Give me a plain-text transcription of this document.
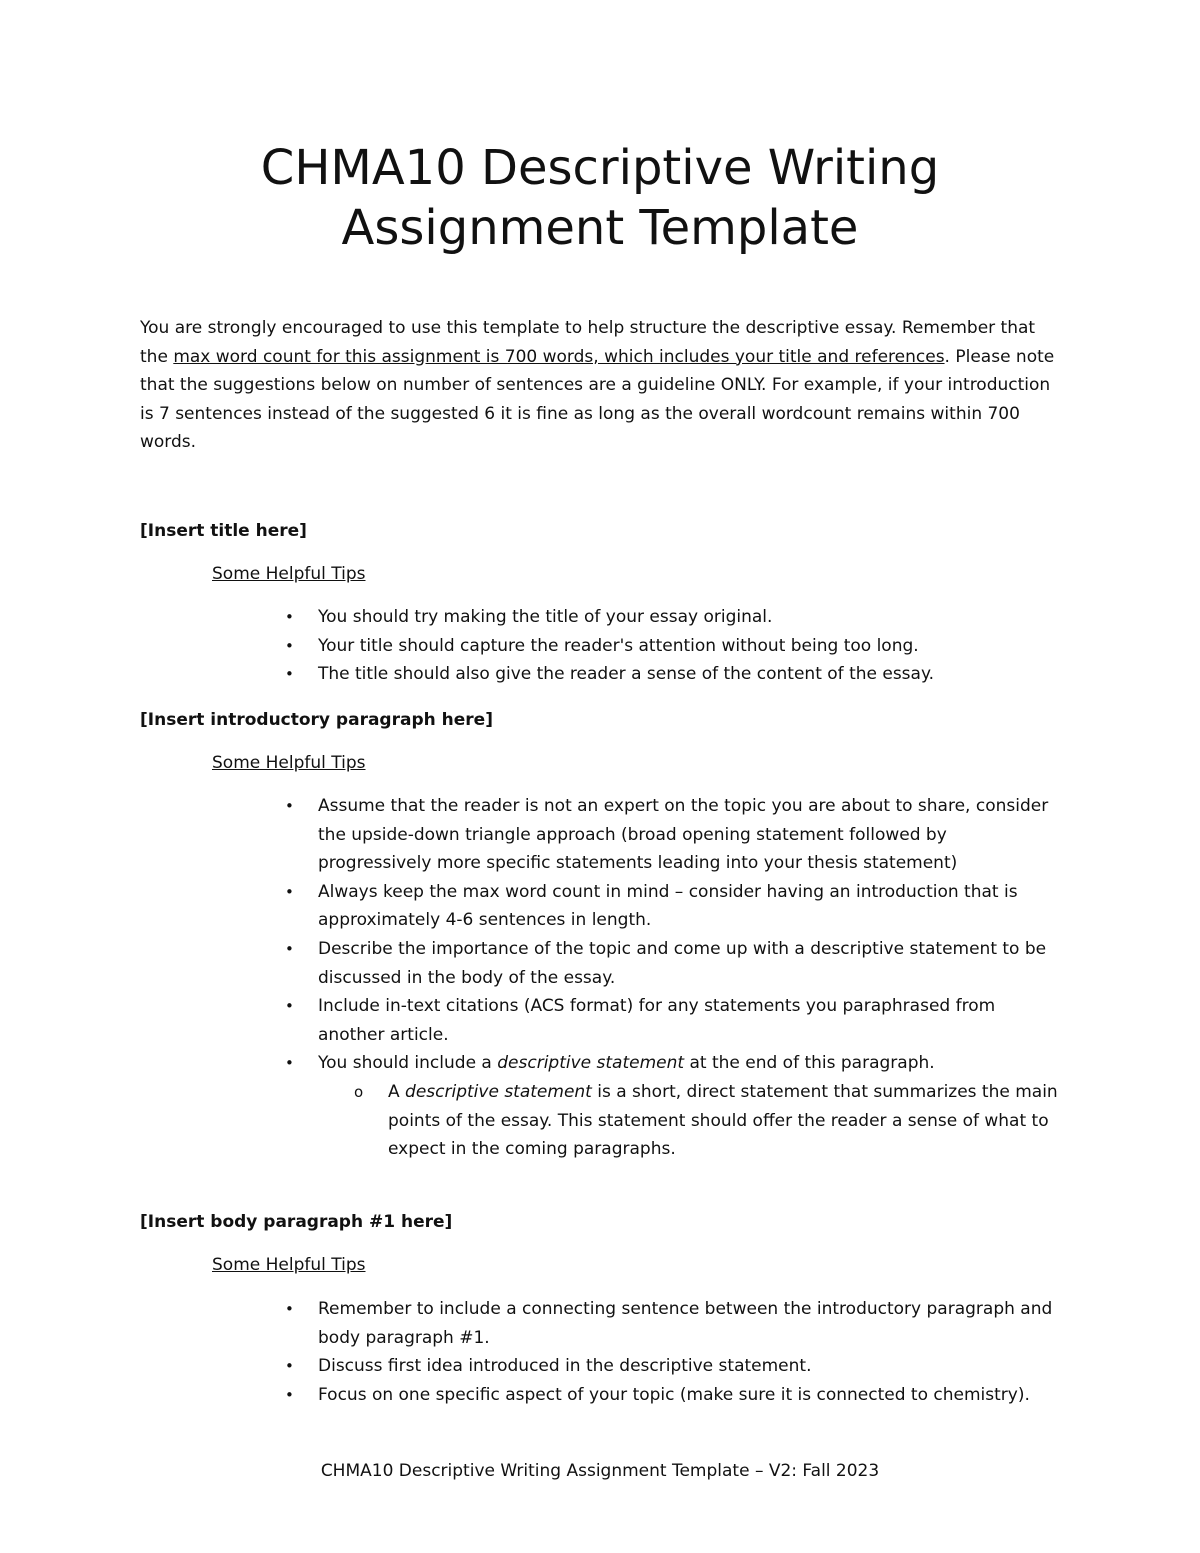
CHMA10 Descriptive Writing
Assignment Template

You are strongly encouraged to use this template to help structure the descriptive essay. Remember that the max word count for this assignment is 700 words, which includes your title and references. Please note that the suggestions below on number of sentences are a guideline ONLY. For example, if your introduction is 7 sentences instead of the suggested 6 it is fine as long as the overall wordcount remains within 700 words.

[Insert title here]

Some Helpful Tips

• You should try making the title of your essay original.
• Your title should capture the reader's attention without being too long.
• The title should also give the reader a sense of the content of the essay.

[Insert introductory paragraph here]

Some Helpful Tips

• Assume that the reader is not an expert on the topic you are about to share, consider the upside-down triangle approach (broad opening statement followed by progressively more specific statements leading into your thesis statement)
• Always keep the max word count in mind – consider having an introduction that is approximately 4-6 sentences in length.
• Describe the importance of the topic and come up with a descriptive statement to be discussed in the body of the essay.
• Include in-text citations (ACS format) for any statements you paraphrased from another article.
• You should include a descriptive statement at the end of this paragraph.
o A descriptive statement is a short, direct statement that summarizes the main points of the essay. This statement should offer the reader a sense of what to expect in the coming paragraphs.

[Insert body paragraph #1 here]

Some Helpful Tips

• Remember to include a connecting sentence between the introductory paragraph and body paragraph #1.
• Discuss first idea introduced in the descriptive statement.
• Focus on one specific aspect of your topic (make sure it is connected to chemistry).

CHMA10 Descriptive Writing Assignment Template – V2: Fall 2023
